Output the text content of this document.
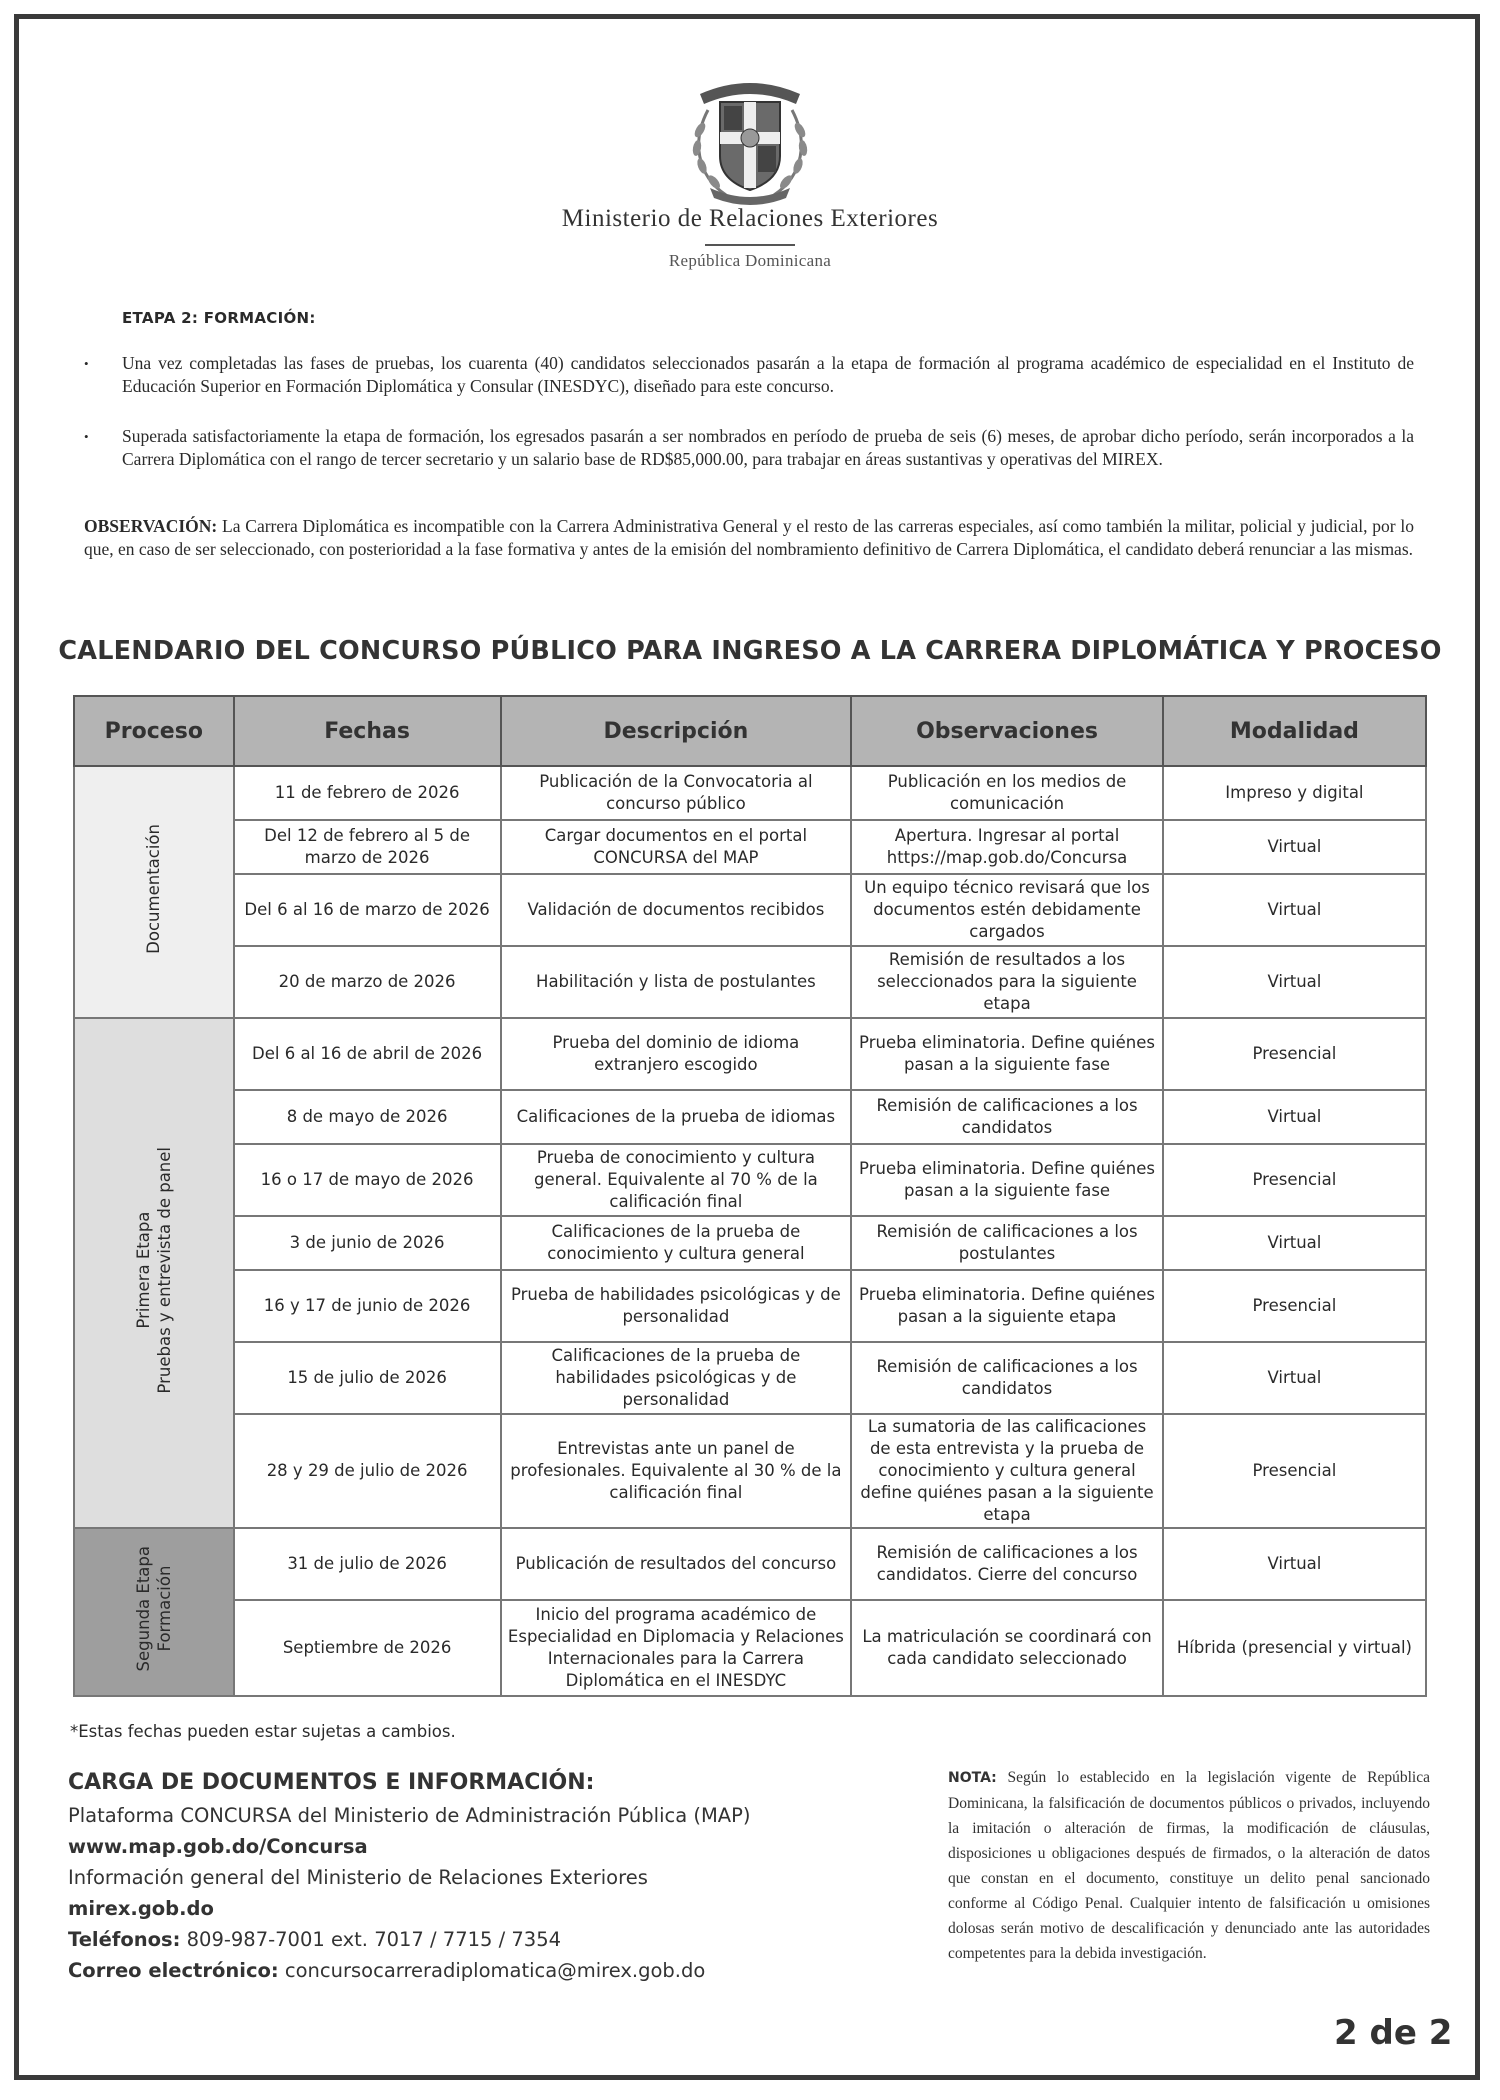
Ministerio de Relaciones Exteriores
República Dominicana
ETAPA 2: FORMACIÓN:
• Una vez completadas las fases de pruebas, los cuarenta (40) candidatos seleccionados pasarán a la etapa de formación al programa académico de especialidad en el Instituto de Educación Superior en Formación Diplomática y Consular (INESDYC), diseñado para este concurso.
• Superada satisfactoriamente la etapa de formación, los egresados pasarán a ser nombrados en período de prueba de seis (6) meses, de aprobar dicho período, serán incorporados a la Carrera Diplomática con el rango de tercer secretario y un salario base de RD$85,000.00, para trabajar en áreas sustantivas y operativas del MIREX.
OBSERVACIÓN: La Carrera Diplomática es incompatible con la Carrera Administrativa General y el resto de las carreras especiales, así como también la militar, policial y judicial, por lo que, en caso de ser seleccionado, con posterioridad a la fase formativa y antes de la emisión del nombramiento definitivo de Carrera Diplomática, el candidato deberá renunciar a las mismas.
CALENDARIO DEL CONCURSO PÚBLICO PARA INGRESO A LA CARRERA DIPLOMÁTICA Y PROCESO
Proceso	Fechas	Descripción	Observaciones	Modalidad
Documentación	11 de febrero de 2026	Publicación de la Convocatoria al concurso público	Publicación en los medios de comunicación	Impreso y digital
	Del 12 de febrero al 5 de marzo de 2026	Cargar documentos en el portal CONCURSA del MAP	Apertura. Ingresar al portal https://map.gob.do/Concursa	Virtual
	Del 6 al 16 de marzo de 2026	Validación de documentos recibidos	Un equipo técnico revisará que los documentos estén debidamente cargados	Virtual
	20 de marzo de 2026	Habilitación y lista de postulantes	Remisión de resultados a los seleccionados para la siguiente etapa	Virtual
Primera Etapa Pruebas y entrevista de panel	Del 6 al 16 de abril de 2026	Prueba del dominio de idioma extranjero escogido	Prueba eliminatoria. Define quiénes pasan a la siguiente fase	Presencial
	8 de mayo de 2026	Calificaciones de la prueba de idiomas	Remisión de calificaciones a los candidatos	Virtual
	16 o 17 de mayo de 2026	Prueba de conocimiento y cultura general. Equivalente al 70 % de la calificación final	Prueba eliminatoria. Define quiénes pasan a la siguiente fase	Presencial
	3 de junio de 2026	Calificaciones de la prueba de conocimiento y cultura general	Remisión de calificaciones a los postulantes	Virtual
	16 y 17 de junio de 2026	Prueba de habilidades psicológicas y de personalidad	Prueba eliminatoria. Define quiénes pasan a la siguiente etapa	Presencial
	15 de julio de 2026	Calificaciones de la prueba de habilidades psicológicas y de personalidad	Remisión de calificaciones a los candidatos	Virtual
	28 y 29 de julio de 2026	Entrevistas ante un panel de profesionales. Equivalente al 30 % de la calificación final	La sumatoria de las calificaciones de esta entrevista y la prueba de conocimiento y cultura general define quiénes pasan a la siguiente etapa	Presencial
Segunda Etapa Formación	31 de julio de 2026	Publicación de resultados del concurso	Remisión de calificaciones a los candidatos. Cierre del concurso	Virtual
	Septiembre de 2026	Inicio del programa académico de Especialidad en Diplomacia y Relaciones Internacionales para la Carrera Diplomática en el INESDYC	La matriculación se coordinará con cada candidato seleccionado	Híbrida (presencial y virtual)
*Estas fechas pueden estar sujetas a cambios.
CARGA DE DOCUMENTOS E INFORMACIÓN:
Plataforma CONCURSA del Ministerio de Administración Pública (MAP)
www.map.gob.do/Concursa
Información general del Ministerio de Relaciones Exteriores
mirex.gob.do
Teléfonos: 809-987-7001 ext. 7017 / 7715 / 7354
Correo electrónico: concursocarreradiplomatica@mirex.gob.do
NOTA: Según lo establecido en la legislación vigente de República Dominicana, la falsificación de documentos públicos o privados, incluyendo la imitación o alteración de firmas, la modificación de cláusulas, disposiciones u obligaciones después de firmados, o la alteración de datos que constan en el documento, constituye un delito penal sancionado conforme al Código Penal. Cualquier intento de falsificación u omisiones dolosas serán motivo de descalificación y denunciado ante las autoridades competentes para la debida investigación.
2 de 2
